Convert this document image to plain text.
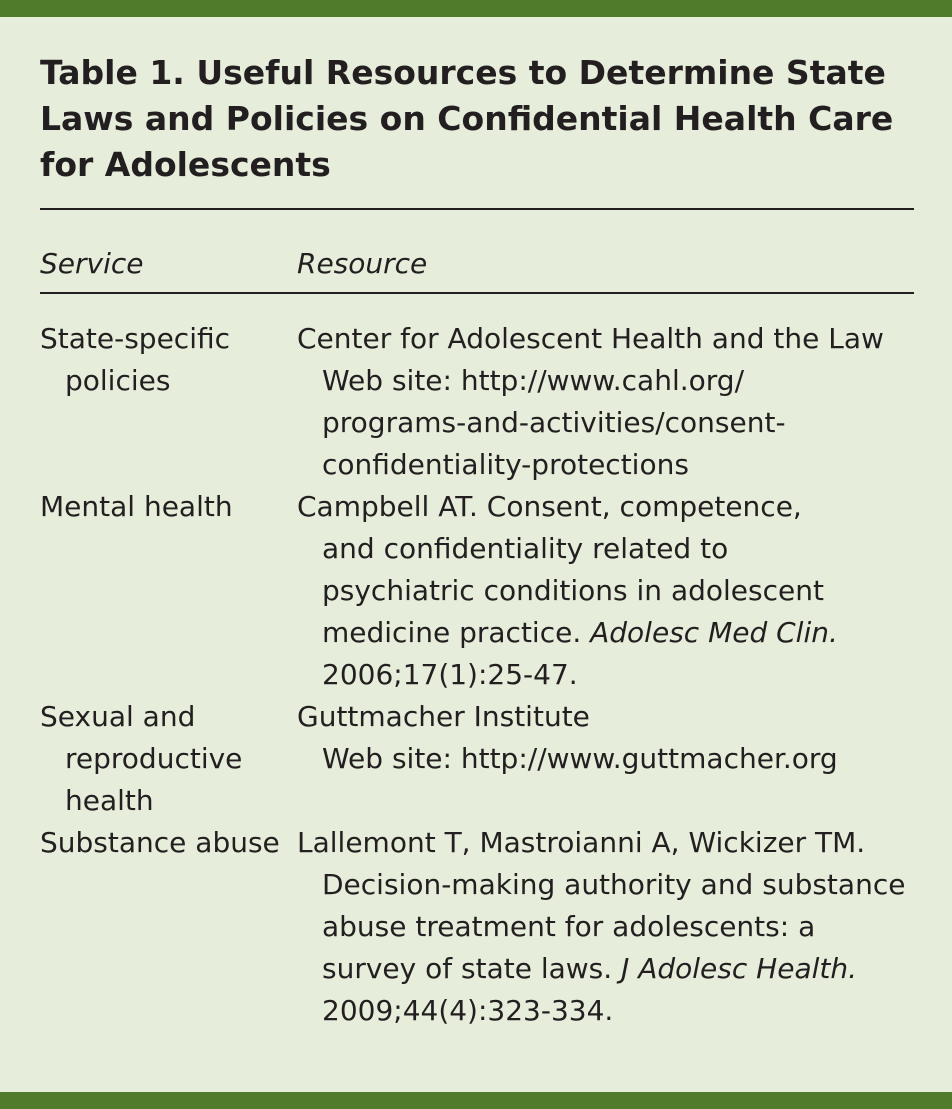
Table 1. Useful Resources to Determine State Laws and Policies on Confidential Health Care for Adolescents
Service	Resource
State-specific policies
Center for Adolescent Health and the Law
Web site: http://www.cahl.org/
programs-and-activities/consent-
confidentiality-protections
Mental health	Campbell AT. Consent, competence,
and confidentiality related to
psychiatric conditions in adolescent
medicine practice. Adolesc Med Clin.
2006;17(1):25-47.
Sexual and reproductive health
Guttmacher Institute
Web site: http://www.guttmacher.org
Substance abuse Lallemont T, Mastroianni A, Wickizer TM.
Decision-making authority and substance
abuse treatment for adolescents: a
survey of state laws. J Adolesc Health.
2009;44(4):323-334.
